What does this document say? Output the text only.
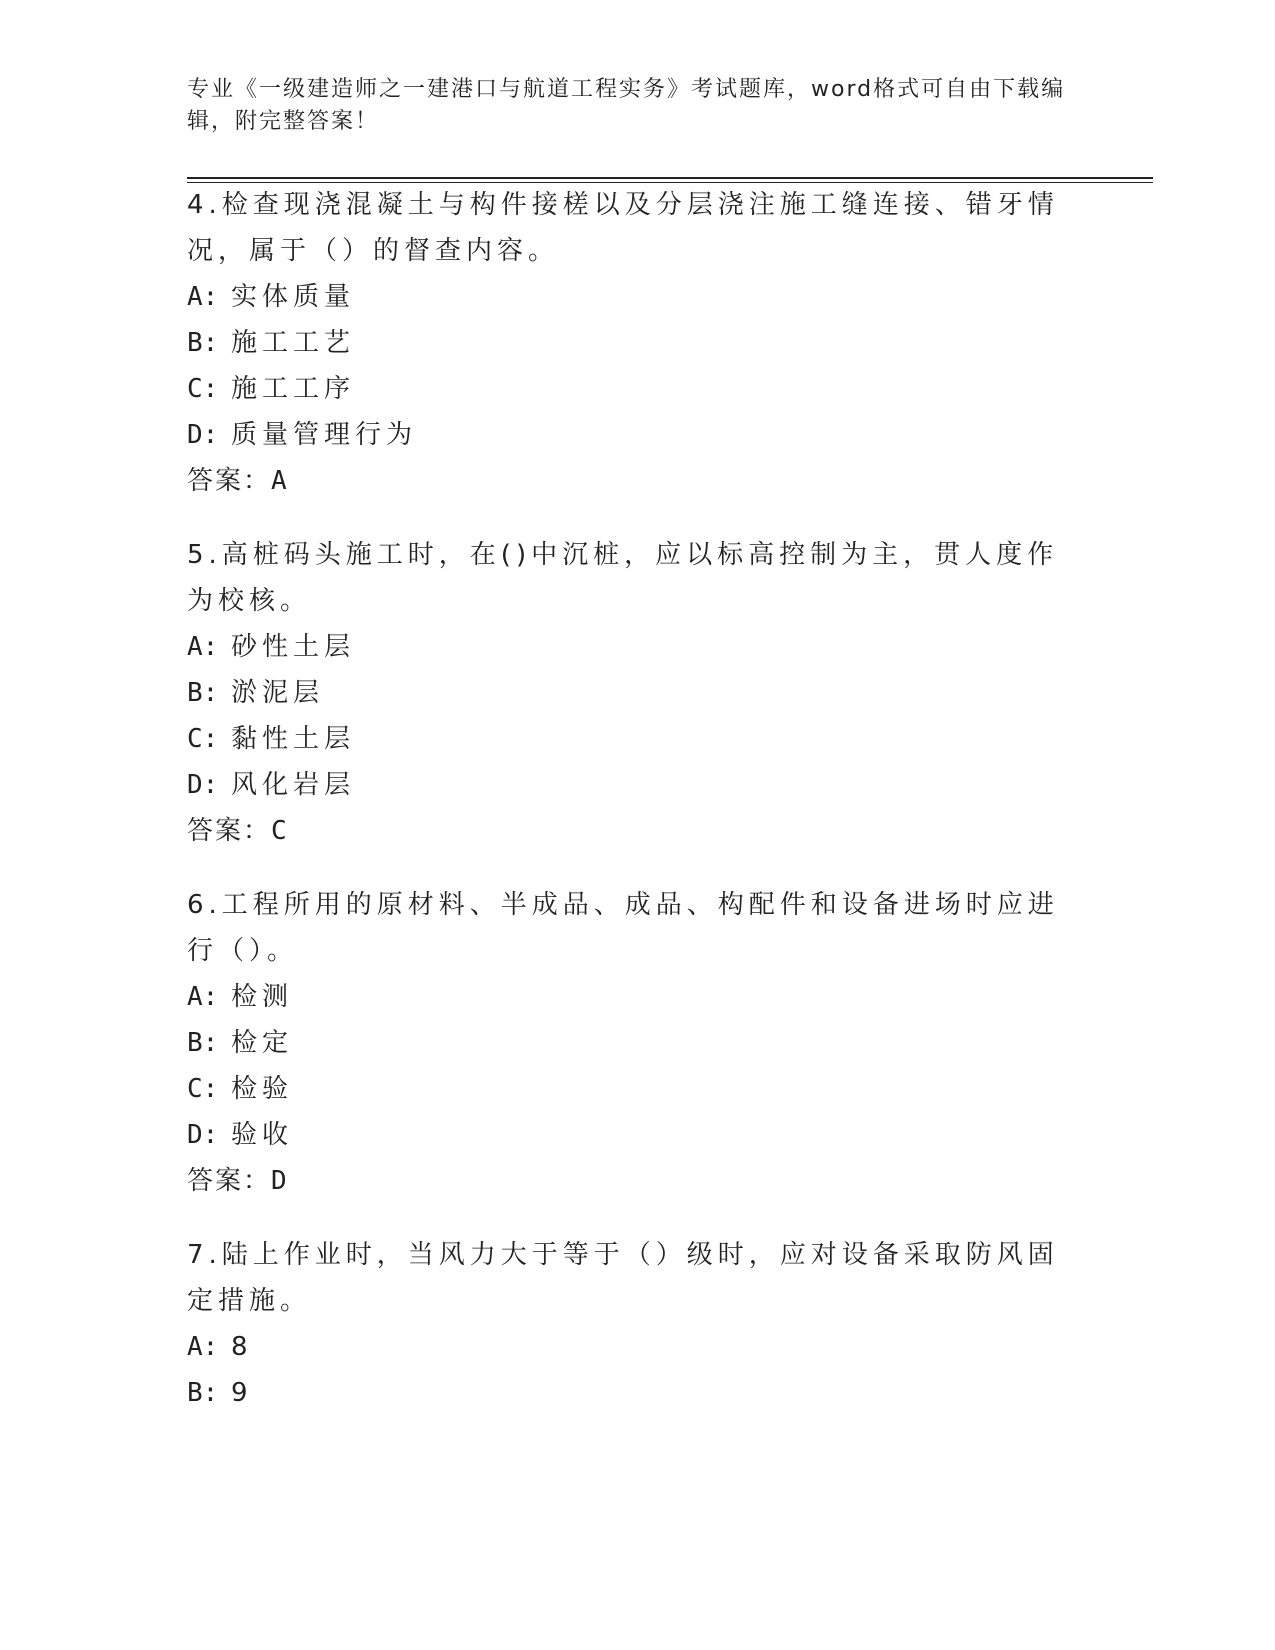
专业《一级建造师之一建港口与航道工程实务》考试题库，word格式可自由下载编辑，附完整答案！

4.检查现浇混凝土与构件接槎以及分层浇注施工缝连接、错牙情况，属于（）的督查内容。

A: 实体质量
B: 施工工艺
C: 施工工序
D: 质量管理行为
答案：A

5.高桩码头施工时，在()中沉桩，应以标高控制为主，贯人度作为校核。

A: 砂性土层
B: 淤泥层
C: 黏性土层
D: 风化岩层
答案：C

6.工程所用的原材料、半成品、成品、构配件和设备进场时应进行（）。

A: 检测
B: 检定
C: 检验
D: 验收
答案：D

7.陆上作业时，当风力大于等于（）级时，应对设备采取防风固定措施。

A: 8
B: 9
